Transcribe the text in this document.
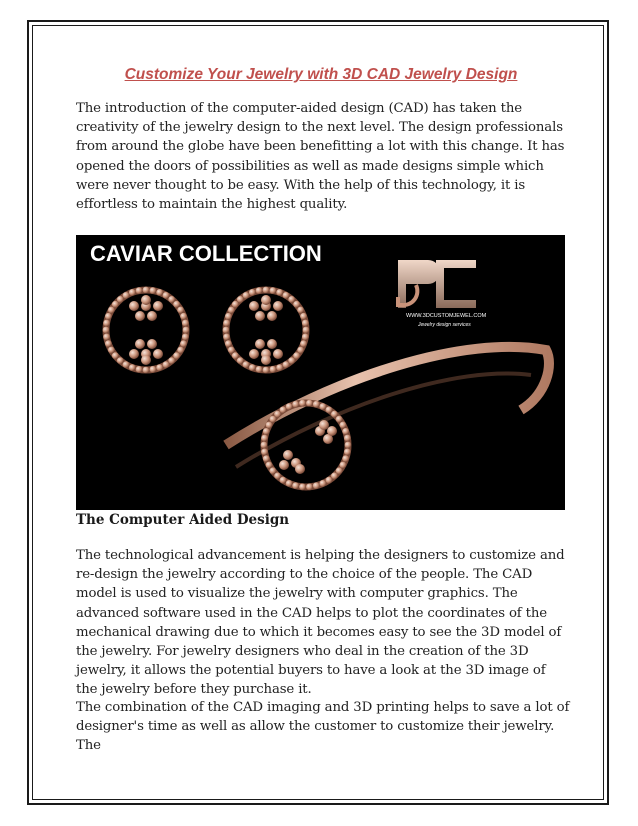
Customize Your Jewelry with 3D CAD Jewelry Design

The introduction of the computer-aided design (CAD) has taken the creativity of the jewelry design to the next level. The design professionals from around the globe have been benefitting a lot with this change. It has opened the doors of possibilities as well as made designs simple which were never thought to be easy. With the help of this technology, it is effortless to maintain the highest quality.

CAVIAR COLLECTION
WWW.3DCUSTOMJEWEL.COM
Jewelry design services
The Computer Aided Design

The technological advancement is helping the designers to customize and re-design the jewelry according to the choice of the people. The CAD model is used to visualize the jewelry with computer graphics. The advanced software used in the CAD helps to plot the coordinates of the mechanical drawing due to which it becomes easy to see the 3D model of the jewelry. For jewelry designers who deal in the creation of the 3D jewelry, it allows the potential buyers to have a look at the 3D image of the jewelry before they purchase it.

The combination of the CAD imaging and 3D printing helps to save a lot of designer's time as well as allow the customer to customize their jewelry. The
